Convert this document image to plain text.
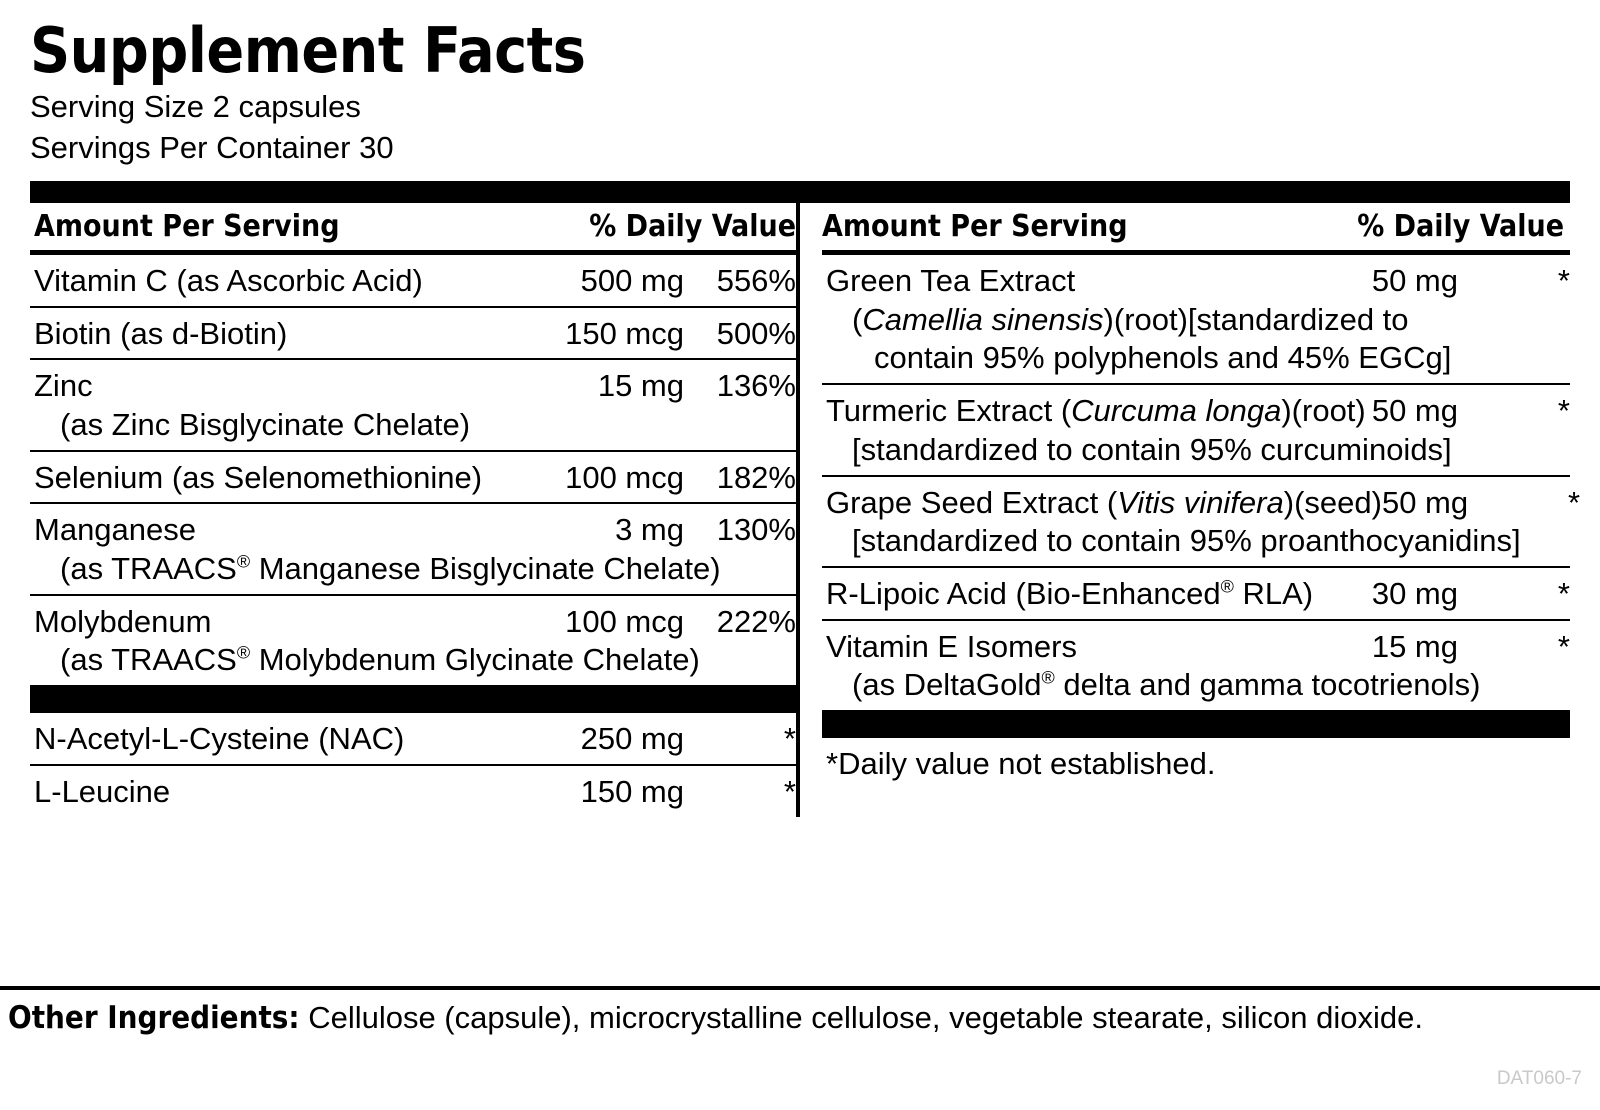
Supplement Facts
Serving Size 2 capsules
Servings Per Container 30
Amount Per Serving	% Daily Value
Vitamin C (as Ascorbic Acid)	500 mg	556%
Biotin (as d-Biotin)	150 mcg	500%
Zinc	15 mg	136%
(as Zinc Bisglycinate Chelate)
Selenium (as Selenomethionine)	100 mcg	182%
Manganese	3 mg	130%
(as TRAACS® Manganese Bisglycinate Chelate)
Molybdenum	100 mcg	222%
(as TRAACS® Molybdenum Glycinate Chelate)
N-Acetyl-L-Cysteine (NAC)	250 mg	*
L-Leucine	150 mg	*
Amount Per Serving	% Daily Value
Green Tea Extract	50 mg	*
(Camellia sinensis)(root)[standardized to
contain 95% polyphenols and 45% EGCg]
Turmeric Extract (Curcuma longa)(root) 50 mg	*
[standardized to contain 95% curcuminoids]
Grape Seed Extract (Vitis vinifera)(seed) 50 mg	*
[standardized to contain 95% proanthocyanidins]
R-Lipoic Acid (Bio-Enhanced® RLA)	30 mg	*
Vitamin E Isomers	15 mg	*
(as DeltaGold® delta and gamma tocotrienols)
*Daily value not established.
Other Ingredients: Cellulose (capsule), microcrystalline cellulose, vegetable stearate, silicon dioxide.
DAT060-7
